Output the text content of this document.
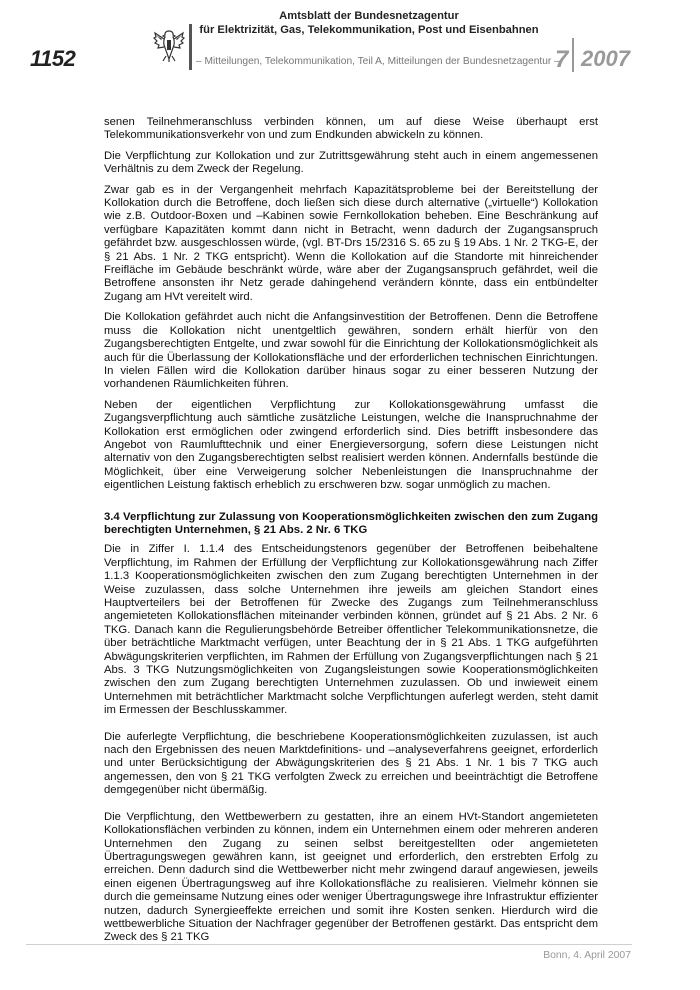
1152
Amtsblatt der Bundesnetzagentur
für Elektrizität, Gas, Telekommunikation, Post und Eisenbahnen
– Mitteilungen, Telekommunikation, Teil A, Mitteilungen der Bundesnetzagentur –
7 2007

senen Teilnehmeranschluss verbinden können, um auf diese Weise überhaupt erst Telekommunikationsverkehr von und zum Endkunden abwickeln zu können.

Die Verpflichtung zur Kollokation und zur Zutrittsgewährung steht auch in einem angemessenen Verhältnis zu dem Zweck der Regelung.

Zwar gab es in der Vergangenheit mehrfach Kapazitätsprobleme bei der Bereitstellung der Kollokation durch die Betroffene, doch ließen sich diese durch alternative („virtuelle“) Kollokation wie z.B. Outdoor-Boxen und –Kabinen sowie Fernkollokation beheben. Eine Beschränkung auf verfügbare Kapazitäten kommt dann nicht in Betracht, wenn dadurch der Zugangsanspruch gefährdet bzw. ausgeschlossen würde, (vgl. BT-Drs 15/2316 S. 65 zu § 19 Abs. 1 Nr. 2 TKG-E, der § 21 Abs. 1 Nr. 2 TKG entspricht). Wenn die Kollokation auf die Standorte mit hinreichender Freifläche im Gebäude beschränkt würde, wäre aber der Zugangsanspruch gefährdet, weil die Betroffene ansonsten ihr Netz gerade dahingehend verändern könnte, dass ein entbündelter Zugang am HVt vereitelt wird.

Die Kollokation gefährdet auch nicht die Anfangsinvestition der Betroffenen. Denn die Betroffene muss die Kollokation nicht unentgeltlich gewähren, sondern erhält hierfür von den Zugangsberechtigten Entgelte, und zwar sowohl für die Einrichtung der Kollokationsmöglichkeit als auch für die Überlassung der Kollokationsfläche und der erforderlichen technischen Einrichtungen. In vielen Fällen wird die Kollokation darüber hinaus sogar zu einer besseren Nutzung der vorhandenen Räumlichkeiten führen.

Neben der eigentlichen Verpflichtung zur Kollokationsgewährung umfasst die Zugangsverpflichtung auch sämtliche zusätzliche Leistungen, welche die Inanspruchnahme der Kollokation erst ermöglichen oder zwingend erforderlich sind. Dies betrifft insbesondere das Angebot von Raumlufttechnik und einer Energieversorgung, sofern diese Leistungen nicht alternativ von den Zugangsberechtigten selbst realisiert werden können. Andernfalls bestünde die Möglichkeit, über eine Verweigerung solcher Nebenleistungen die Inanspruchnahme der eigentlichen Leistung faktisch erheblich zu erschweren bzw. sogar unmöglich zu machen.

3.4 Verpflichtung zur Zulassung von Kooperationsmöglichkeiten zwischen den zum Zugang berechtigten Unternehmen, § 21 Abs. 2 Nr. 6 TKG

Die in Ziffer I. 1.1.4 des Entscheidungstenors gegenüber der Betroffenen beibehaltene Verpflichtung, im Rahmen der Erfüllung der Verpflichtung zur Kollokationsgewährung nach Ziffer 1.1.3 Kooperationsmöglichkeiten zwischen den zum Zugang berechtigten Unternehmen in der Weise zuzulassen, dass solche Unternehmen ihre jeweils am gleichen Standort eines Hauptverteilers bei der Betroffenen für Zwecke des Zugangs zum Teilnehmeranschluss angemieteten Kollokationsflächen miteinander verbinden können, gründet auf § 21 Abs. 2 Nr. 6 TKG. Danach kann die Regulierungsbehörde Betreiber öffentlicher Telekommunikationsnetze, die über beträchtliche Marktmacht verfügen, unter Beachtung der in § 21 Abs. 1 TKG aufgeführten Abwägungskriterien verpflichten, im Rahmen der Erfüllung von Zugangsverpflichtungen nach § 21 Abs. 3 TKG Nutzungsmöglichkeiten von Zugangsleistungen sowie Kooperationsmöglichkeiten zwischen den zum Zugang berechtigten Unternehmen zuzulassen. Ob und inwieweit einem Unternehmen mit beträchtlicher Marktmacht solche Verpflichtungen auferlegt werden, steht damit im Ermessen der Beschlusskammer.

Die auferlegte Verpflichtung, die beschriebene Kooperationsmöglichkeiten zuzulassen, ist auch nach den Ergebnissen des neuen Marktdefinitions- und –analyseverfahrens geeignet, erforderlich und unter Berücksichtigung der Abwägungskriterien des § 21 Abs. 1 Nr. 1 bis 7 TKG auch angemessen, den von § 21 TKG verfolgten Zweck zu erreichen und beeinträchtigt die Betroffene demgegenüber nicht übermäßig.

Die Verpflichtung, den Wettbewerbern zu gestatten, ihre an einem HVt-Standort angemieteten Kollokationsflächen verbinden zu können, indem ein Unternehmen einem oder mehreren anderen Unternehmen den Zugang zu seinen selbst bereitgestellten oder angemieteten Übertragungswegen gewähren kann, ist geeignet und erforderlich, den erstrebten Erfolg zu erreichen. Denn dadurch sind die Wettbewerber nicht mehr zwingend darauf angewiesen, jeweils einen eigenen Übertragungsweg auf ihre Kollokationsfläche zu realisieren. Vielmehr können sie durch die gemeinsame Nutzung eines oder weniger Übertragungswege ihre Infrastruktur effizienter nutzen, dadurch Synergieeffekte erreichen und somit ihre Kosten senken. Hierdurch wird die wettbewerbliche Situation der Nachfrager gegenüber der Betroffenen gestärkt. Das entspricht dem Zweck des § 21 TKG

Bonn, 4. April 2007
